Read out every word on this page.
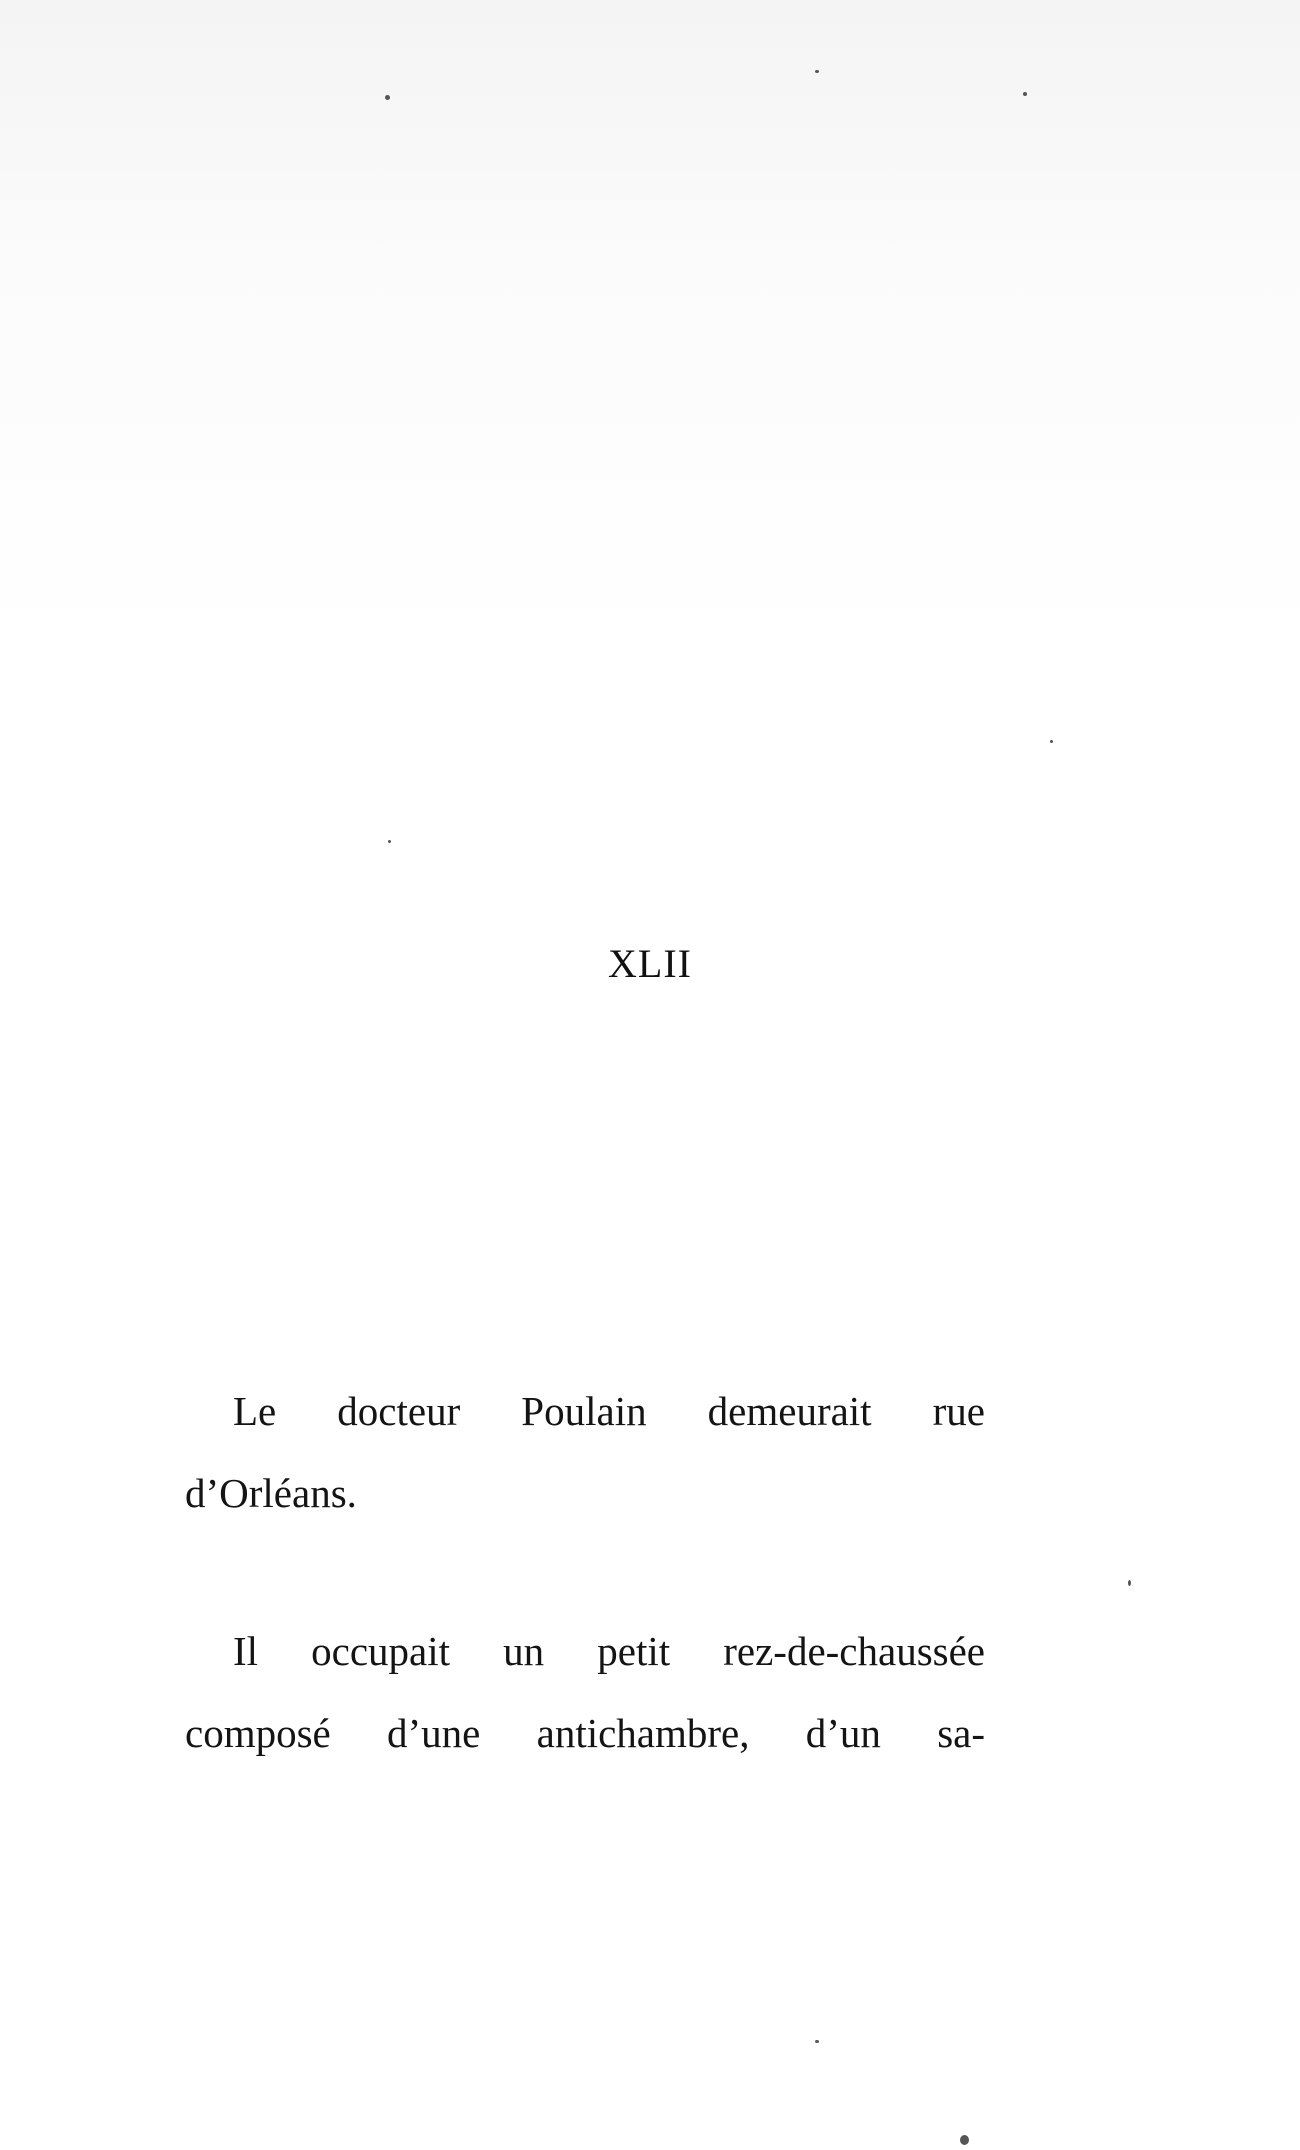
XLII
Le docteur Poulain demeurait rue
d’Orléans.
Il occupait un petit rez-de-chaussée
composé d’une antichambre, d’un sa-
